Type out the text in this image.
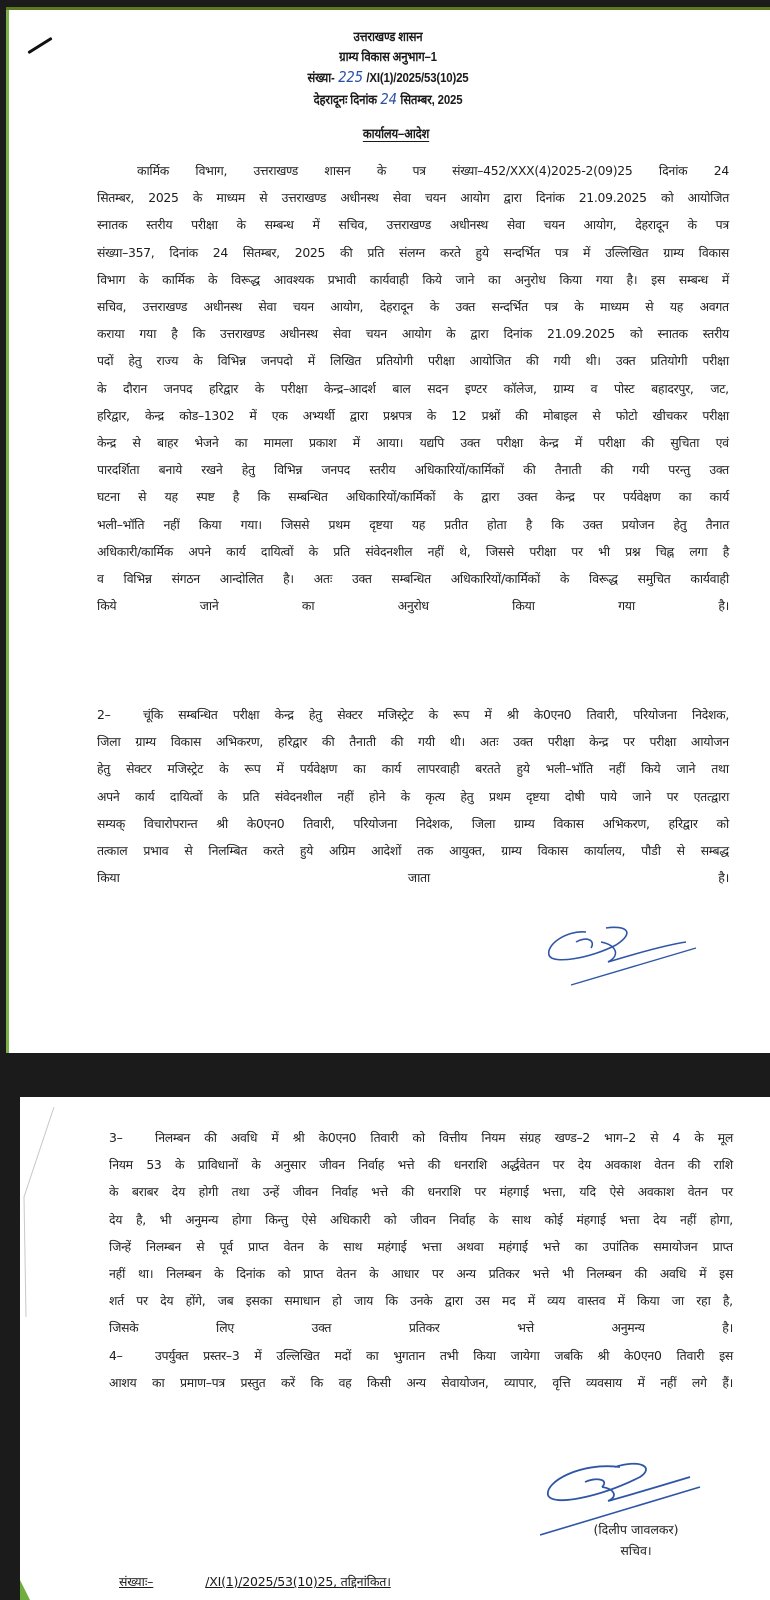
उत्तराखण्ड शासन
ग्राम्य विकास अनुभाग–1
संख्या- 225 /XI(1)/2025/53(10)25
देहरादूनः दिनांक 24 सितम्बर, 2025
कार्यालय–आदेश
कार्मिक विभाग, उत्तराखण्ड शासन के पत्र संख्या–452/XXX(4)2025-2(09)25 दिनांक 24
सितम्बर, 2025 के माध्यम से उत्तराखण्ड अधीनस्थ सेवा चयन आयोग द्वारा दिनांक 21.09.2025 को आयोजित
स्नातक स्तरीय परीक्षा के सम्बन्ध में सचिव, उत्तराखण्ड अधीनस्थ सेवा चयन आयोग, देहरादून के पत्र
संख्या–357, दिनांक 24 सितम्बर, 2025 की प्रति संलग्न करते हुये सन्दर्भित पत्र में उल्लिखित ग्राम्य विकास
विभाग के कार्मिक के विरूद्ध आवश्यक प्रभावी कार्यवाही किये जाने का अनुरोध किया गया है। इस सम्बन्ध में
सचिव, उत्तराखण्ड अधीनस्थ सेवा चयन आयोग, देहरादून के उक्त सन्दर्भित पत्र के माध्यम से यह अवगत
कराया गया है कि उत्तराखण्ड अधीनस्थ सेवा चयन आयोग के द्वारा दिनांक 21.09.2025 को स्नातक स्तरीय
पदों हेतु राज्य के विभिन्न जनपदो में लिखित प्रतियोगी परीक्षा आयोजित की गयी थी। उक्त प्रतियोगी परीक्षा
के दौरान जनपद हरिद्वार के परीक्षा केन्द्र–आदर्श बाल सदन इण्टर कॉलेज, ग्राम्य व पोस्ट बहादरपुर, जट,
हरिद्वार, केन्द्र कोड–1302 में एक अभ्यर्थी द्वारा प्रश्नपत्र के 12 प्रश्नों की मोबाइल से फोटो खीचकर परीक्षा
केन्द्र से बाहर भेजने का मामला प्रकाश में आया। यद्यपि उक्त परीक्षा केन्द्र में परीक्षा की सुचिता एवं
पारदर्शिता बनाये रखने हेतु विभिन्न जनपद स्तरीय अधिकारियों/कार्मिकों की तैनाती की गयी परन्तु उक्त
घटना से यह स्पष्ट है कि सम्बन्धित अधिकारियों/कार्मिकों के द्वारा उक्त केन्द्र पर पर्यवेक्षण का कार्य
भली–भॉति नहीं किया गया। जिससे प्रथम दृष्टया यह प्रतीत होता है कि उक्त प्रयोजन हेतु तैनात
अधिकारी/कार्मिक अपने कार्य दायित्वों के प्रति संवेदनशील नहीं थे, जिससे परीक्षा पर भी प्रश्न चिह्न लगा है
व विभिन्न संगठन आन्दोलित है। अतः उक्त सम्बन्धित अधिकारियों/कार्मिकों के विरूद्ध समुचित कार्यवाही
किये जाने का अनुरोध किया गया है।
2–	चूंकि सम्बन्धित परीक्षा केन्द्र हेतु सेक्टर मजिस्ट्रेट के रूप में श्री के0एन0 तिवारी, परियोजना निदेशक,
जिला ग्राम्य विकास अभिकरण, हरिद्वार की तैनाती की गयी थी। अतः उक्त परीक्षा केन्द्र पर परीक्षा आयोजन
हेतु सेक्टर मजिस्ट्रेट के रूप में पर्यवेक्षण का कार्य लापरवाही बरतते हुये भली–भॉति नहीं किये जाने तथा
अपने कार्य दायित्वों के प्रति संवेदनशील नहीं होने के कृत्य हेतु प्रथम दृष्टया दोषी पाये जाने पर एतत्द्वारा
सम्यक् विचारोपरान्त श्री के0एन0 तिवारी, परियोजना निदेशक, जिला ग्राम्य विकास अभिकरण, हरिद्वार को
तत्काल प्रभाव से निलम्बित करते हुये अग्रिम आदेशों तक आयुक्त, ग्राम्य विकास कार्यालय, पौडी से सम्बद्ध
किया जाता है।
3–	निलम्बन की अवधि में श्री के0एन0 तिवारी को वित्तीय नियम संग्रह खण्ड–2 भाग–2 से 4 के मूल
नियम 53 के प्राविधानों के अनुसार जीवन निर्वाह भत्ते की धनराशि अर्द्धवेतन पर देय अवकाश वेतन की राशि
के बराबर देय होगी तथा उन्हें जीवन निर्वाह भत्ते की धनराशि पर मंहगाई भत्ता, यदि ऐसे अवकाश वेतन पर
देय है, भी अनुमन्य होगा किन्तु ऐसे अधिकारी को जीवन निर्वाह के साथ कोई मंहगाई भत्ता देय नहीं होगा,
जिन्हें निलम्बन से पूर्व प्राप्त वेतन के साथ महंगाई भत्ता अथवा महंगाई भत्ते का उपांतिक समायोजन प्राप्त
नहीं था। निलम्बन के दिनांक को प्राप्त वेतन के आधार पर अन्य प्रतिकर भत्ते भी निलम्बन की अवधि में इस
शर्त पर देय होंगे, जब इसका समाधान हो जाय कि उनके द्वारा उस मद में व्यय वास्तव में किया जा रहा है,
जिसके लिए उक्त प्रतिकर भत्ते अनुमन्य है।
4–	उपर्युक्त प्रस्तर–3 में उल्लिखित मदों का भुगतान तभी किया जायेगा जबकि श्री के0एन0 तिवारी इस
आशय का प्रमाण–पत्र प्रस्तुत करें कि वह किसी अन्य सेवायोजन, व्यापार, वृत्ति व्यवसाय में नहीं लगे हैं।
(दिलीप जावलकर)
सचिव।
संख्याः–	/XI(1)/2025/53(10)25, तद्दिनांकित।
